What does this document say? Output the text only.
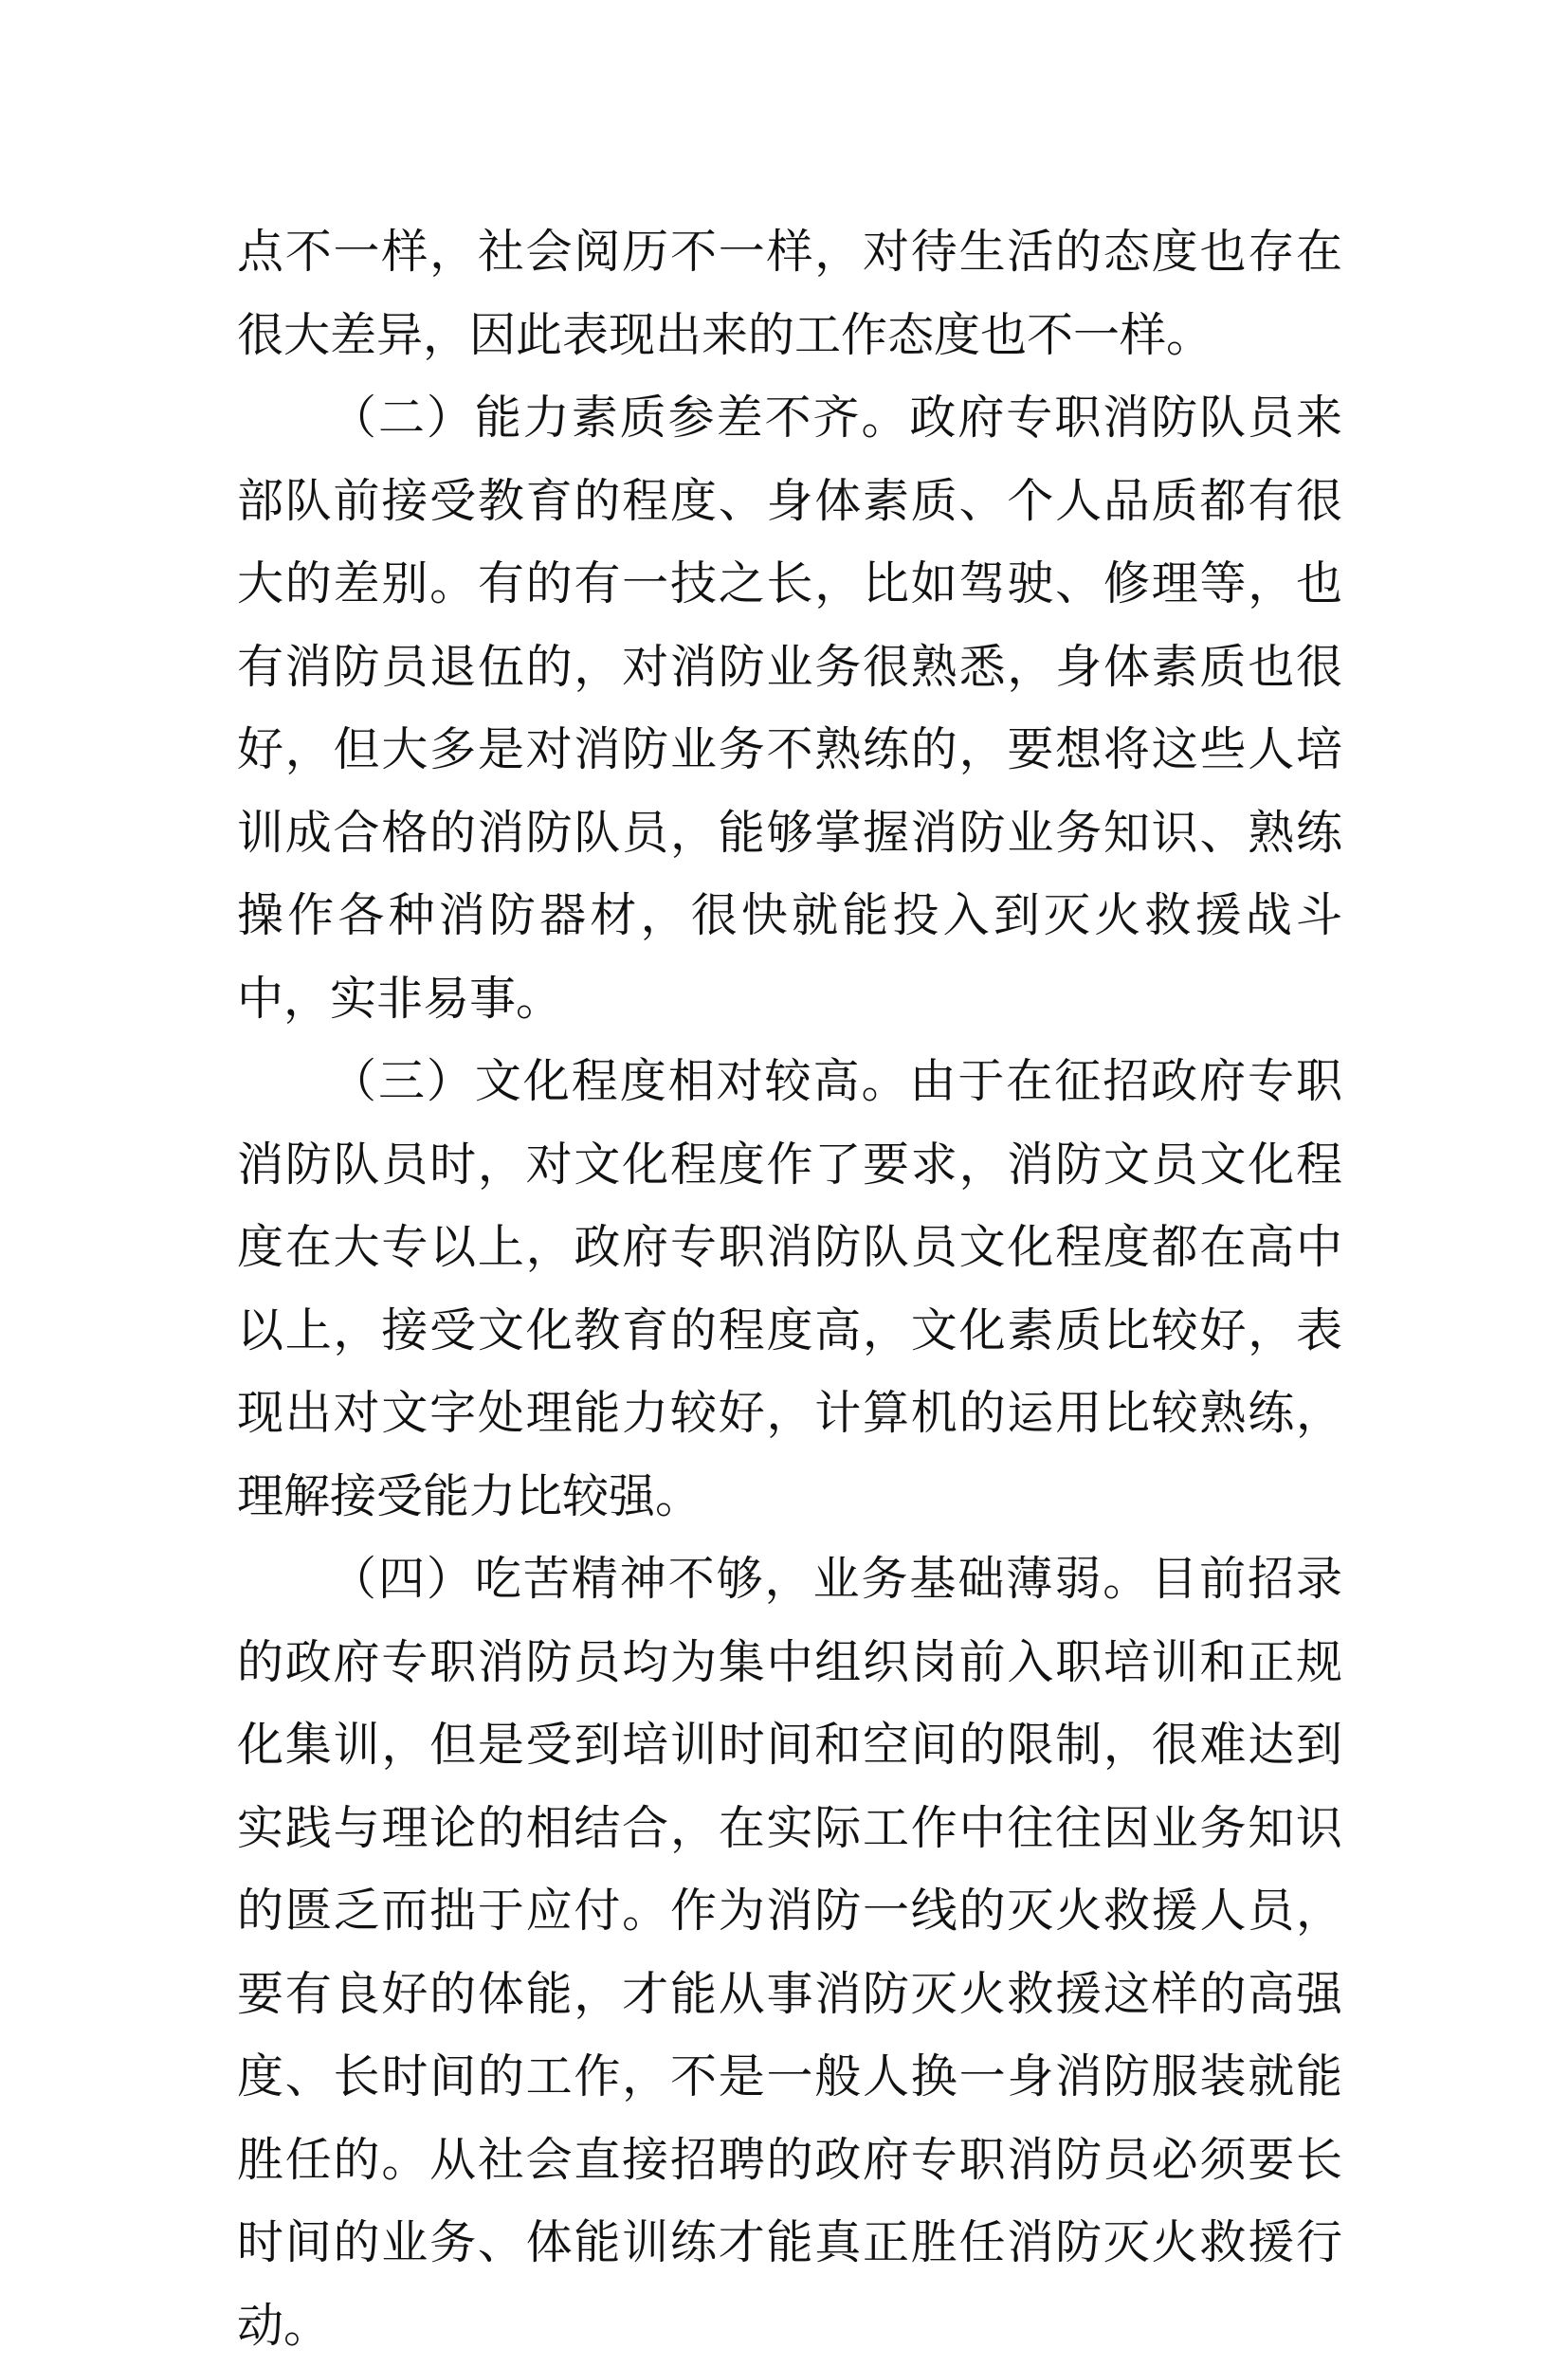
点不一样，社会阅历不一样，对待生活的态度也存在很大差异，因此表现出来的工作态度也不一样。

（二）能力素质参差不齐。政府专职消防队员来部队前接受教育的程度、身体素质、个人品质都有很大的差别。有的有一技之长，比如驾驶、修理等，也有消防员退伍的，对消防业务很熟悉，身体素质也很好，但大多是对消防业务不熟练的，要想将这些人培训成合格的消防队员，能够掌握消防业务知识、熟练操作各种消防器材，很快就能投入到灭火救援战斗中，实非易事。

（三）文化程度相对较高。由于在征招政府专职消防队员时，对文化程度作了要求，消防文员文化程度在大专以上，政府专职消防队员文化程度都在高中以上，接受文化教育的程度高，文化素质比较好，表现出对文字处理能力较好，计算机的运用比较熟练，理解接受能力比较强。

（四）吃苦精神不够，业务基础薄弱。目前招录的政府专职消防员均为集中组织岗前入职培训和正规化集训，但是受到培训时间和空间的限制，很难达到实践与理论的相结合，在实际工作中往往因业务知识的匮乏而拙于应付。作为消防一线的灭火救援人员，要有良好的体能，才能从事消防灭火救援这样的高强度、长时间的工作，不是一般人换一身消防服装就能胜任的。从社会直接招聘的政府专职消防员必须要长时间的业务、体能训练才能真正胜任消防灭火救援行动。
